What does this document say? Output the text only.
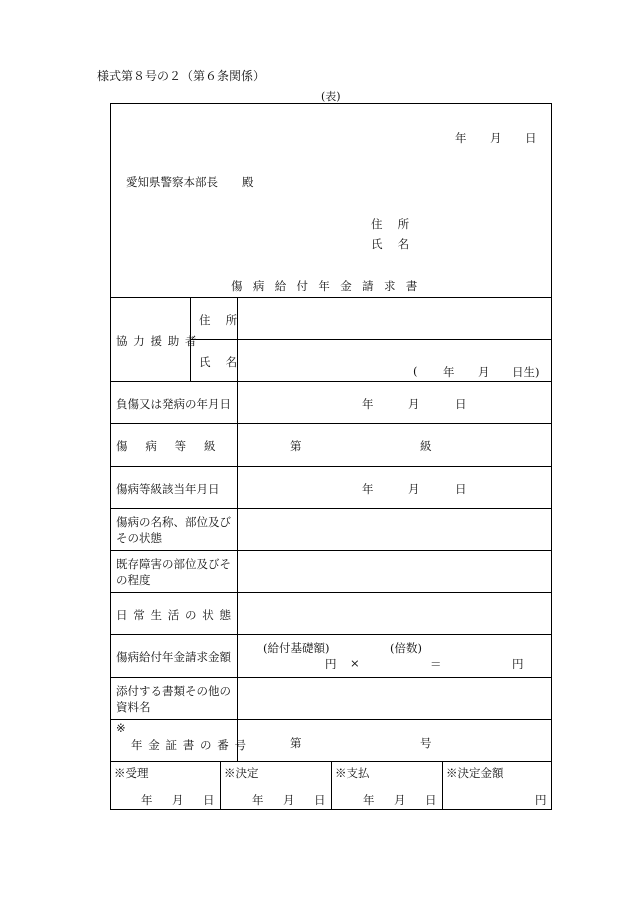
様式第８号の２（第６条関係）
(表)
年 月 日
愛知県警察本部長 殿
住 所
氏 名
傷病給付年金請求書
協力援助者
住 所
氏 名
( 年 月 日生)
負傷又は発病の年月日	年	月	日
傷病等級	第	級
傷病等級該当年月日	年	月	日
傷病の名称、部位及び
その状態
既存障害の部位及びそ
の程度
日常生活の状態
傷病給付年金請求金額
(給付基礎額)	(倍数)
円 ×	＝	円
添付する書類その他の
資料名
※
年金証書の番号	第	号
※受理	※決定	※支払	※決定金額
年 月 日	年 月 日	年 月 日	円
